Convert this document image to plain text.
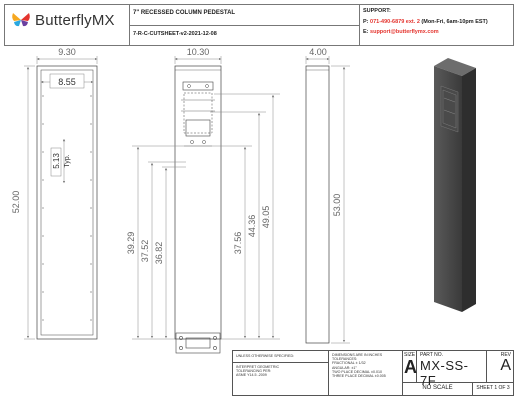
ButterflyMX	7" RECESSED COLUMN PEDESTAL
7-R-C-CUTSHEET-v2-2021-12-08
SUPPORT:
P: 071-490-6879 ext. 2 (Mon-Fri, 6am-10pm EST)
E: support@butterflymx.com
9.30
8.55
52.00
5.13 Typ.
10.30
39.29 37.52 36.82	37.56
44.36 49.05
4.00
53.00
UNLESS OTHERWISE SPECIFIED:
INTERPRET GEOMETRIC
TOLERANCING PER:
ASME Y14.5 -2009
DIMENSIONS ARE IN INCHES
TOLERANCES:
FRACTIONAL ± 1/32
ANGULAR: ±1°
TWO PLACE DECIMAL ±0.010
THREE PLACE DECIMAL ±0.005
SIZE
A
PART NO.
MX-SS-7F
REV
A
NO SCALE	SHEET 1 OF 3
